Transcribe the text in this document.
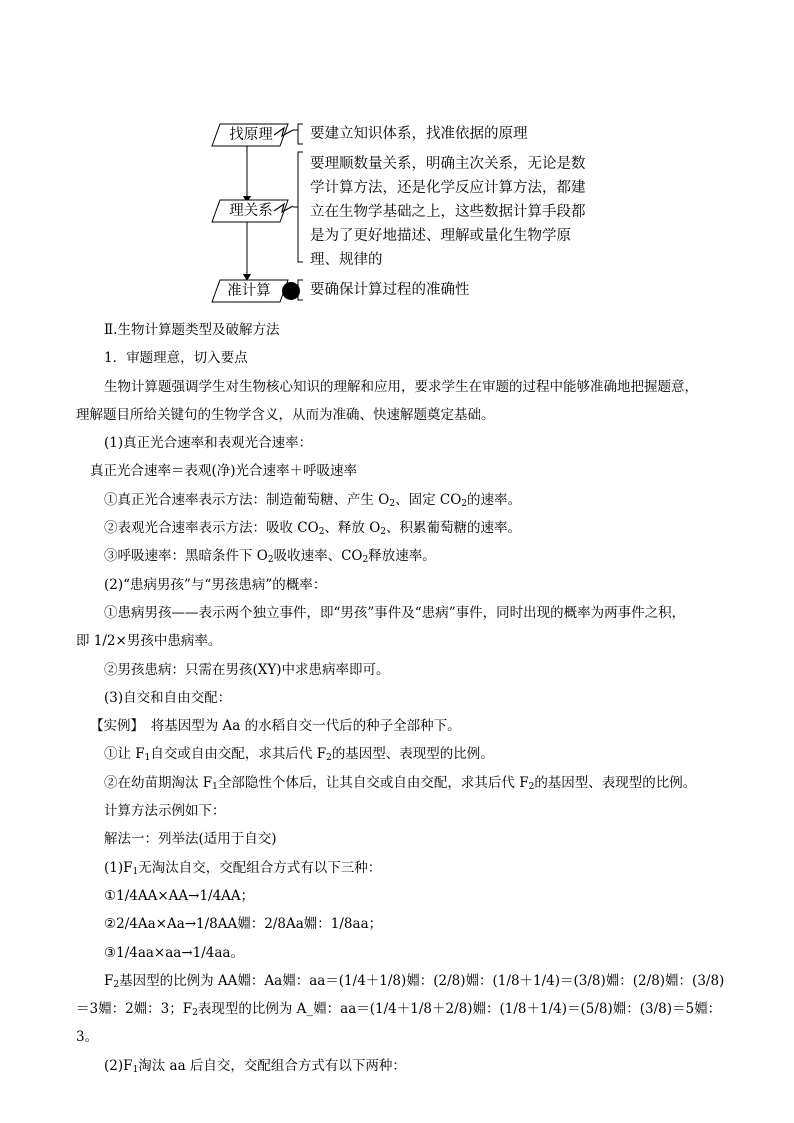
找原理
理关系
准计算
要建立知识体系，找准依据的原理
要理顺数量关系，明确主次关系，无论是数
学计算方法，还是化学反应计算方法，都建
立在生物学基础之上，这些数据计算手段都
是为了更好地描述、理解或量化生物学原
理、规律的
要确保计算过程的准确性
Ⅱ.生物计算题类型及破解方法
1．审题理意，切入要点
生物计算题强调学生对生物核心知识的理解和应用，要求学生在审题的过程中能够准确地把握题意，
理解题目所给关键句的生物学含义，从而为准确、快速解题奠定基础。
(1)真正光合速率和表观光合速率：
真正光合速率＝表观(净)光合速率＋呼吸速率
①真正光合速率表示方法：制造葡萄糖、产生 $O_2$、固定 $CO_2$的速率。
②表观光合速率表示方法：吸收 $CO_2$、释放 $O_2$、积累葡萄糖的速率。
③呼吸速率：黑暗条件下 $O_2$吸收速率、$CO_2$释放速率。
(2)“患病男孩”与“男孩患病”的概率：
①患病男孩——表示两个独立事件，即“男孩”事件及“患病”事件，同时出现的概率为两事件之积，
即 1/2×男孩中患病率。
②男孩患病：只需在男孩(XY)中求患病率即可。
(3)自交和自由交配：
【实例】　将基因型为 Aa 的水稻自交一代后的种子全部种下。
①让 $F_1$自交或自由交配，求其后代 $F_2$的基因型、表现型的比例。
②在幼苗期淘汰 $F_1$全部隐性个体后，让其自交或自由交配，求其后代 $F_2$的基因型、表现型的比例。
计算方法示例如下：
解法一：列举法(适用于自交)
$(1)F_1$无淘汰自交，交配组合方式有以下三种：
①1/4AA×AA→1/4AA；
②2/4Aa×Aa→1/8AA婣：2/8Aa婣：1/8aa；
③1/4aa×aa→1/4aa。
$F_2$基因型的比例为 AA婣：Aa婣：aa＝(1/4＋1/8)婣：(2/8)婣：(1/8＋1/4)＝(3/8)婣：(2/8)婣：(3/8)
＝3婣：2婣：3；$F_2$表现型的比例为 A_婣：aa＝(1/4＋1/8＋2/8)婣：(1/8＋1/4)＝(5/8)婣：(3/8)＝5婣：
3。
$(2)F_1$淘汰 aa 后自交，交配组合方式有以下两种：
